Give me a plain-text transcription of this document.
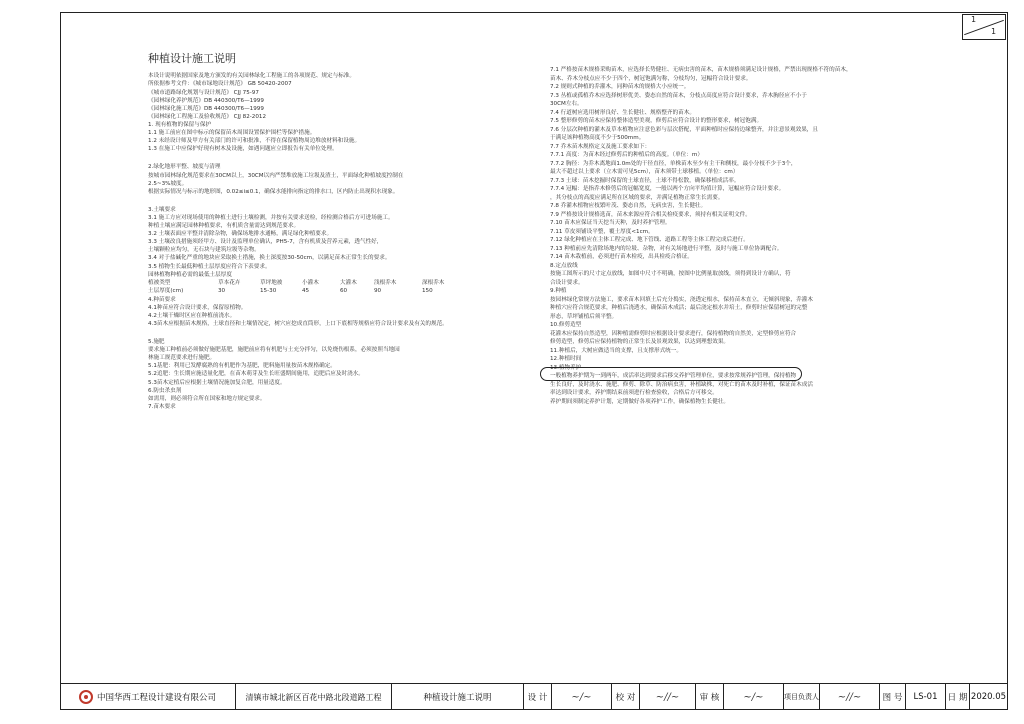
1
1
种植设计施工说明
本设计说明依据国家及地方颁发的有关园林绿化工程施工的各项规范、规定与标准。
所依据参考文件：《城市绿地设计规范》 GB 50420-2007
《城市道路绿化规划与设计规范》 CJJ 75-97
《园林绿化养护规范》DB 440300/T6—1999
《园林绿化施工规范》DB 440300/T6—1999
《园林绿化工程施工及验收规范》 CJJ 82-2012
1. 现有植物的保留与保护
1.1 施工前应在图中标示的保留苗木周围设置保护围栏等保护措施。
1.2 未经设计师及甲方有关部门的许可和批准，不得在保留植物周边堆放材料和设施。
1.3 在施工中应保护好现有树木及设施，如遇问题应立即报告有关单位处理。
2.绿化地形平整、坡度与清理
按城市园林绿化规范要求在30CM以上，30CM以内严禁堆放施工垃圾及渣土，平面绿化种植坡度控制在
2.5~3%坡度。
根据实际情况与标示的地形图，0.02≤i≤0.1，确保水能排向指定的排水口，区内防止出现积水现象。
3.土壤要求
3.1 施工方应对现场使用的种植土进行土壤检测，并按有关要求送检，经检测合格后方可进场施工。
种植土壤应满足园林种植要求，有机质含量需达到规范要求。
3.2 土壤表面应平整并清除杂物，确保场地排水通畅，满足绿化种植要求。
3.3 土壤改良措施须经甲方、设计及监理单位确认，PH5-7，含有机质及营养元素，透气性好，
土壤颗粒应均匀，无石块与建筑垃圾等杂物。
3.4 对于盐碱化严重的地块应采取换土措施，换土深度按30-50cm，以满足苗木正常生长的要求。
3.5 植物生长最低种植土层厚度应符合下表要求。
园林植物种植必需的最低土层厚度
植被类型	草本花卉	草坪地被	小灌木	大灌木	浅根乔木	深根乔木
土层厚度(cm)	30	15-30	45	60	90	150
4.种苗要求
4.1种苗应符合设计要求，保留原植物。
4.2土壤干燥时区应在种植前浇水。
4.3苗木应根据苗木规格，土球直径和土壤情况定，树穴应挖成直筒形，上口下底相等规格应符合设计要求及有关的规范。
5.施肥
要求施工种植前必须做好施肥基肥，施肥前应将有机肥与土充分拌匀，以免烧伤根系，必须按照当地园
林施工规范要求进行施肥。
5.1基肥：利用已发酵腐熟的有机肥作为基肥，肥料施用量按苗木规格确定。
5.2追肥：生长期应施适量化肥，在苗木萌芽及生长旺盛期间施用，追肥后应及时浇水。
5.3苗木定植后应根据土壤情况施加复合肥，用量适度。
6.防虫杀虫剂
如需用，则必须符合所在国家和地方规定要求。
7.苗木要求
7.1 严格按苗木规格采购苗木，应选择长势健壮、无病虫害的苗木，苗木规格须满足设计规格，严禁出现规格不符的苗木，
苗木、乔木分枝点应不少于四个，树冠饱满匀称，分枝均匀，冠幅符合设计要求。
7.2 规则式种植的乔灌木，同种苗木的规格大小应统一。
7.3 丛植或孤植乔木应选择树形优美、姿态自然的苗木，分枝点高度应符合设计要求，乔木胸径应不小于
30CM左右。
7.4 行道树应选用树形良好、生长健壮、规格整齐的苗木。
7.5 整形修剪的苗木应保持整体造型美观，修剪后应符合设计的整形要求，树冠饱满。
7.6 分层次种植的灌木及草本植物应注意色彩与层次搭配，平面种植时应保持边缘整齐，并注意景观效果，且
于满足该种植物高度不少于500mm。
7.7 乔木苗木规格定义及施工要求如下：
7.7.1 高度：为苗木经过修剪后的种植后的高度。（单位：m）
7.7.2 胸径：为乔木离地面1.0m处的干径直径，单株苗木至少有主干和侧枝，最小分枝不少于3个，
最大不超过以上要求（立木需可见5cm），苗木须带土球移植。（单位：cm）
7.7.3 土球：苗木挖掘时保留的土球直径，土球不得松散，确保移植成活率。
7.7.4 冠幅：是指乔木修剪后的冠幅宽度，一般以两个方向平均值计算，冠幅应符合设计要求。
，其分枝点的高度应满足所在区域的要求，并满足植物正常生长需要。
7.8 乔灌木植物应枝繁叶茂、姿态自然，无病虫害，生长健壮。
7.9 严格按设计规格选苗，苗木来源应符合相关检疫要求，须持有相关证明文件。
7.10 苗木应保证当天挖当天种，及时养护管理。
7.11 草皮须铺设平整，覆土厚度<1cm。
7.12 绿化种植应在主体工程完成、地下管线、道路工程等主体工程完成后进行。
7.13 种植前应先清除场地内的垃圾、杂物，对有关场地进行平整，及时与施工单位协调配合。
7.14 苗木栽植前，必须进行苗木检疫，出具检疫合格证。
8.定点放线
按施工图所示的尺寸定点放线，如图中尺寸不明确，按图中比例量取放线，须得到设计方确认，符
合设计要求。
9.种植
按园林绿化常规方法施工，要求苗木回填土后充分捣实，浇透定根水，保持苗木直立，无倾斜现象，乔灌木
种植穴应符合规范要求，种植后浇透水，确保苗木成活；最后浇定根水并培土，修剪时应保留树冠的完整
形态，草坪铺植后须平整。
10.修剪造型
花灌木应保持自然造型，因种植需修剪时应根据设计要求进行，保持植物的自然美，定型修剪应符合
修剪造型，修剪后应保持植物的正常生长及景观效果，以达到理想效果。
11.种植后，大树应做适当的支撑，且支撑形式统一。
12.种植时间
13.植物养护
一般植物养护期为一到两年，成活率达到要求后移交养护管理单位，要求按常规养护管理，保持植物
生长良好，及时浇水、施肥、修剪、除草、防治病虫害，补植缺株，对死亡的苗木及时补植，保证苗木成活
率达到设计要求，养护期结束前须进行检查验收，合格后方可移交。
养护期间须制定养护计划，定期做好各项养护工作，确保植物生长健壮。
中国华西工程设计建设有限公司	清镇市城北新区百花中路北段道路工程	种植设计施工说明	设 计 ~/~	校 对 ~//~ 审 核 ~/~	项目负责人 ~//~	图 号 LS-01 日 期 2020.05
